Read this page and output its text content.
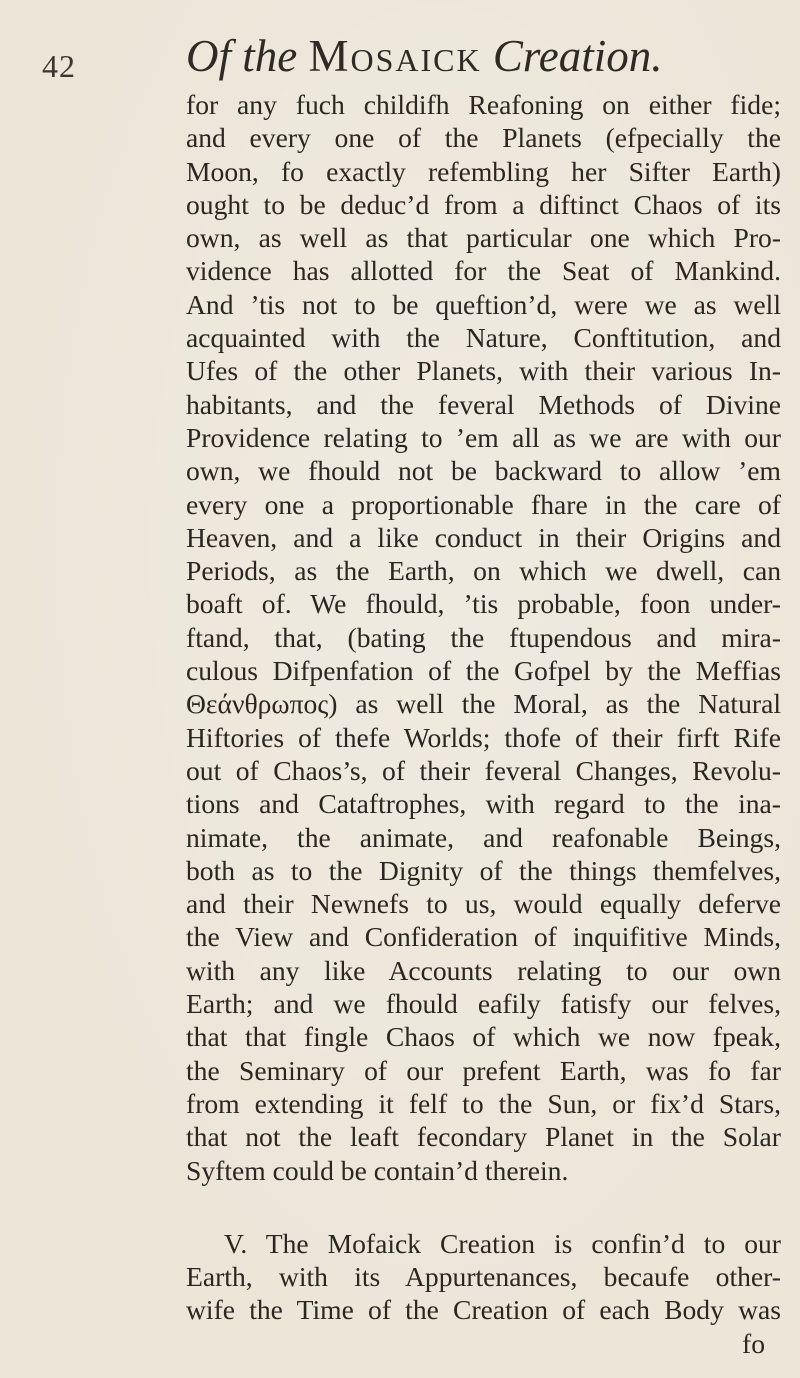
42 Of the Mosaick Creation.
for any fuch childifh Reafoning on either fide;
and every one of the Planets (efpecially the
Moon, fo exactly refembling her Sifter Earth)
ought to be deduc’d from a diftinct Chaos of its
own, as well as that particular one which Pro-
vidence has allotted for the Seat of Mankind.
And ’tis not to be queftion’d, were we as well
acquainted with the Nature, Conftitution, and
Ufes of the other Planets, with their various In-
habitants, and the feveral Methods of Divine
Providence relating to ’em all as we are with our
own, we fhould not be backward to allow ’em
every one a proportionable fhare in the care of
Heaven, and a like conduct in their Origins and
Periods, as the Earth, on which we dwell, can
boaft of. We fhould, ’tis probable, foon under-
ftand, that, (bating the ftupendous and mira-
culous Difpenfation of the Gofpel by the Meffias
Θεάνθρωπος) as well the Moral, as the Natural
Hiftories of thefe Worlds; thofe of their firft Rife
out of Chaos’s, of their feveral Changes, Revolu-
tions and Cataftrophes, with regard to the ina-
nimate, the animate, and reafonable Beings,
both as to the Dignity of the things themfelves,
and their Newnefs to us, would equally deferve
the View and Confideration of inquifitive Minds,
with any like Accounts relating to our own
Earth; and we fhould eafily fatisfy our felves,
that that fingle Chaos of which we now fpeak,
the Seminary of our prefent Earth, was fo far
from extending it felf to the Sun, or fix’d Stars,
that not the leaft fecondary Planet in the Solar
Syftem could be contain’d therein.
V. The Mofaick Creation is confin’d to our
Earth, with its Appurtenances, becaufe other-
wife the Time of the Creation of each Body was
fo
